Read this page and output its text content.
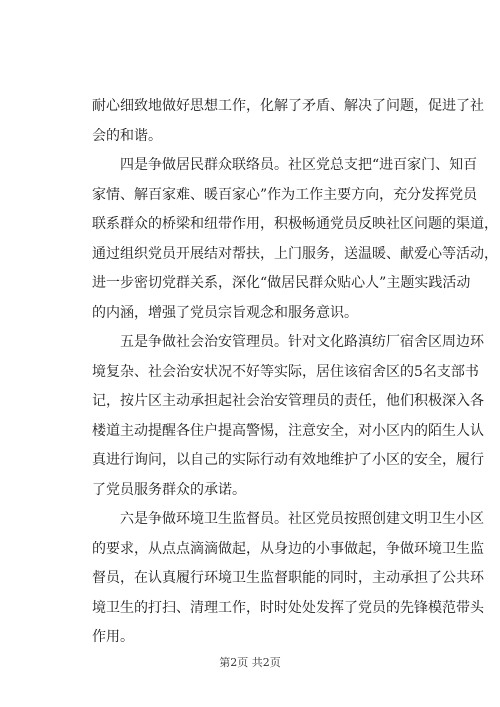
耐心细致地做好思想工作，化解了矛盾、解决了问题，促进了社
会的和谐。
四是争做居民群众联络员。社区党总支把“进百家门、知百
家情、解百家难、暖百家心”作为工作主要方向，充分发挥党员
联系群众的桥梁和纽带作用，积极畅通党员反映社区问题的渠道，
通过组织党员开展结对帮扶，上门服务，送温暖、献爱心等活动，
进一步密切党群关系，深化“做居民群众贴心人”主题实践活动
的内涵，增强了党员宗旨观念和服务意识。
五是争做社会治安管理员。针对文化路滇纺厂宿舍区周边环
境复杂、社会治安状况不好等实际，居住该宿舍区的5名支部书
记，按片区主动承担起社会治安管理员的责任，他们积极深入各
楼道主动提醒各住户提高警惕，注意安全，对小区内的陌生人认
真进行询问，以自己的实际行动有效地维护了小区的安全，履行
了党员服务群众的承诺。
六是争做环境卫生监督员。社区党员按照创建文明卫生小区
的要求，从点点滴滴做起，从身边的小事做起，争做环境卫生监
督员，在认真履行环境卫生监督职能的同时，主动承担了公共环
境卫生的打扫、清理工作，时时处处发挥了党员的先锋模范带头
作用。
第2页 共2页
